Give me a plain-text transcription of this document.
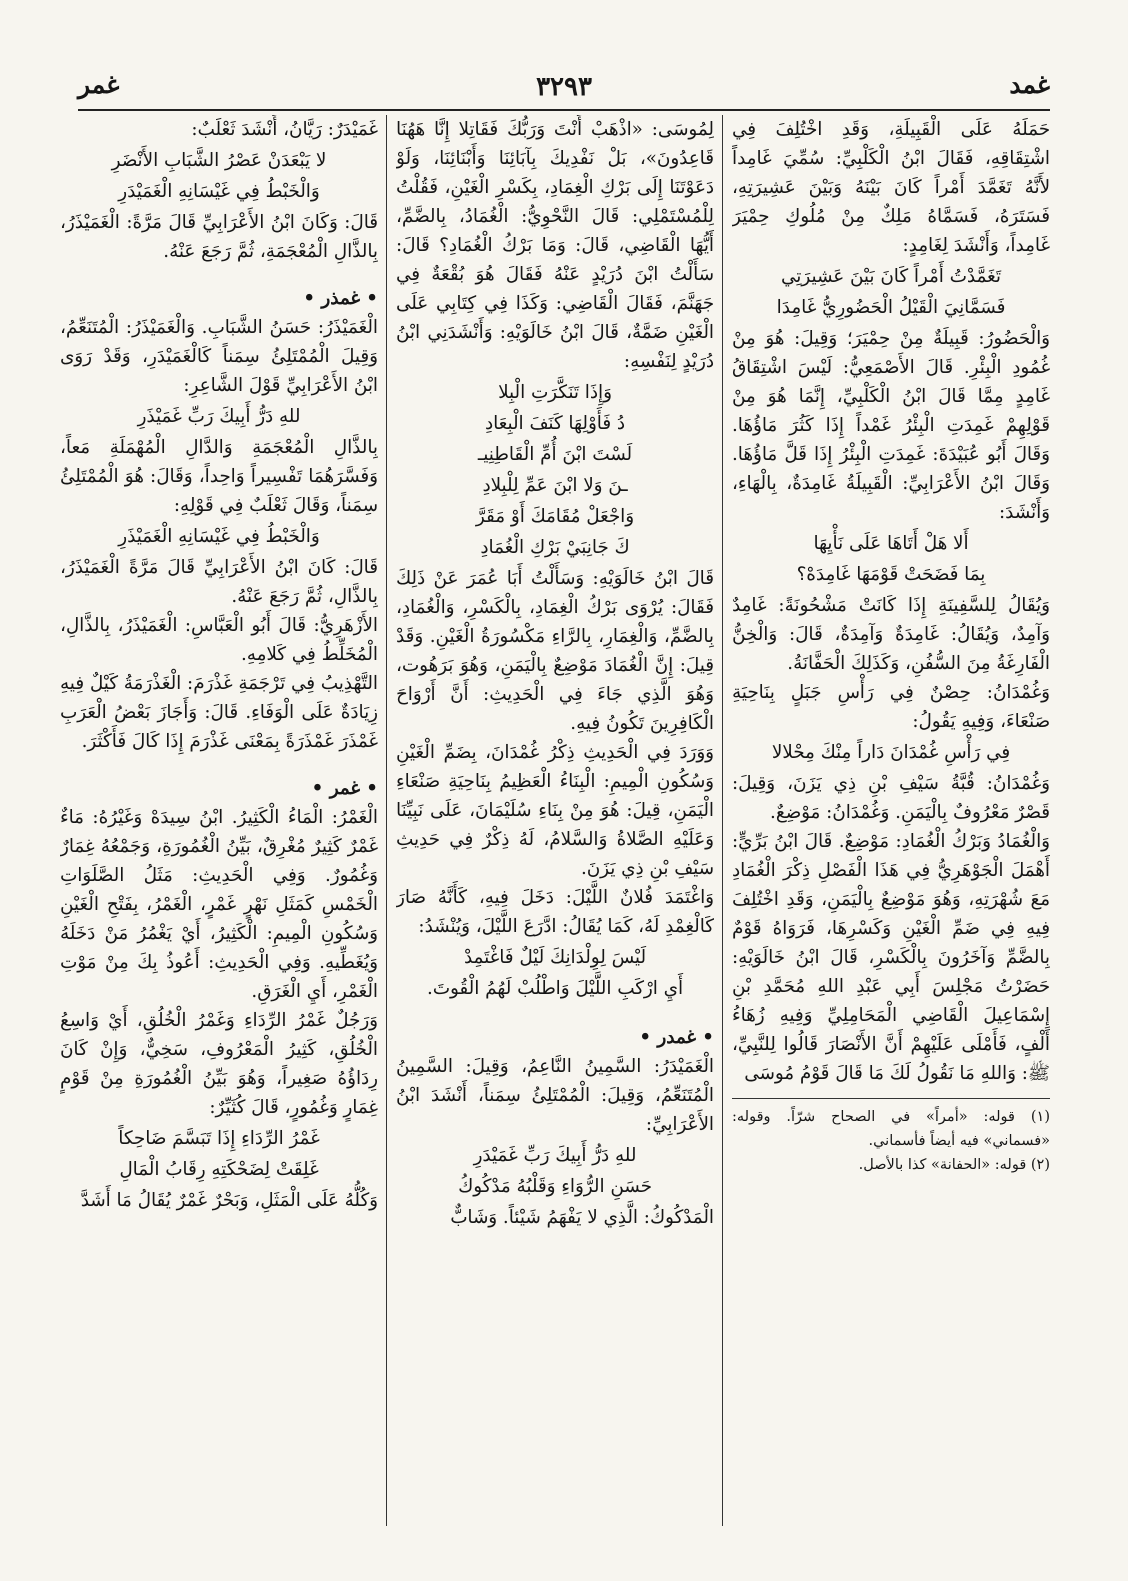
غمد
٣٢٩٣
غمر

حَمَلَهُ عَلَى الْقَبِيلَةِ، وَقَدِ اخْتُلِفَ فِي اشْتِقَاقِهِ، فَقَالَ ابْنُ الْكَلْبِيِّ: سُمِّيَ غَامِداً لأَنَّهُ تَغَمَّدَ أَمْراً كَانَ بَيْنَهُ وَبَيْنَ عَشِيرَتِهِ، فَسَتَرَهُ، فَسَمَّاهُ مَلِكٌ مِنْ مُلُوكِ حِمْيَرَ غَامِداً، وَأَنْشَدَ لِغَامِدٍ:

تَغَمَّدْتُ أَمْراً كَانَ بَيْنَ عَشِيرَتِي
فَسَمَّانِيَ الْقَيْلُ الْحَضُورِيُّ غَامِدَا

وَالْحَضُورُ: قَبِيلَةٌ مِنْ حِمْيَرَ؛ وَقِيلَ: هُوَ مِنْ غُمُودِ الْبِئْرِ. قَالَ الأَصْمَعِيُّ: لَيْسَ اشْتِقَاقُ غَامِدٍ مِمَّا قَالَ ابْنُ الْكَلْبِيِّ، إِنَّمَا هُوَ مِنْ قَوْلِهِمْ غَمِدَتِ الْبِئْرُ غَمْداً إِذَا كَثُرَ مَاؤُهَا. وَقَالَ أَبُو عُبَيْدَةَ: غَمِدَتِ الْبِئْرُ إِذَا قَلَّ مَاؤُهَا. وَقَالَ ابْنُ الأَعْرَابِيِّ: الْقَبِيلَةُ غَامِدَةٌ، بِالْهَاءِ، وَأَنْشَدَ:

أَلا هَلْ أَتَاهَا عَلَى نَأْيِهَا
بِمَا فَضَحَتْ قَوْمَهَا غَامِدَهْ؟

وَيُقَالُ لِلسَّفِينَةِ إِذَا كَانَتْ مَشْحُونَةً: غَامِدٌ وَآمِدٌ، وَيُقَالُ: غَامِدَةٌ وَآمِدَةٌ، قَالَ: وَالْخِنُّ الْفَارِغَةُ مِنَ السُّفُنِ، وَكَذَلِكَ الْحَفَّانَةُ.

وَغُمْدَانُ: حِصْنٌ فِي رَأْسِ جَبَلٍ بِنَاحِيَةِ صَنْعَاءَ، وَفِيهِ يَقُولُ:

فِي رَأْسِ غُمْدَانَ دَاراً مِنْكَ مِحْلالا

وَغُمْدَانُ: قُبَّةُ سَيْفِ بْنِ ذِي يَزَنَ، وَقِيلَ: قَصْرٌ مَعْرُوفٌ بِالْيَمَنِ. وَغُمْدَانُ: مَوْضِعٌ.

وَالْغُمَادُ وَبَرْكُ الْغُمَادِ: مَوْضِعٌ. قَالَ ابْنُ بَرِّيٍّ: أَهْمَلَ الْجَوْهَرِيُّ فِي هَذَا الْفَصْلِ ذِكْرَ الْغُمَادِ مَعَ شُهْرَتِهِ، وَهُوَ مَوْضِعٌ بِالْيَمَنِ، وَقَدِ اخْتُلِفَ فِيهِ فِي ضَمِّ الْغَيْنِ وَكَسْرِهَا، فَرَوَاهُ قَوْمٌ بِالضَّمِّ وَآخَرُونَ بِالْكَسْرِ، قَالَ ابْنُ خَالَوَيْهِ: حَضَرْتُ مَجْلِسَ أَبِي عَبْدِ اللهِ مُحَمَّدِ بْنِ إِسْمَاعِيلَ الْقَاضِي الْمَحَامِلِيِّ وَفِيهِ زُهَاءُ أَلْفٍ، فَأَمْلَى عَلَيْهِمْ أَنَّ الأَنْصَارَ قَالُوا لِلنَّبِيِّ، ﷺ: وَاللهِ مَا نَقُولُ لَكَ مَا قَالَ قَوْمُ مُوسَى

(١) قوله: «أمراً» في الصحاح شرّاً. وقوله: «فسماني» فيه أيضاً فأسماني.
(٢) قوله: «الحفانة» كذا بالأصل.

لِمُوسَى: «اذْهَبْ أَنْتَ وَرَبُّكَ فَقَاتِلا إِنَّا هَهُنَا قَاعِدُونَ»، بَلْ نَفْدِيكَ بِآبَائِنَا وَأَبْنَائِنَا، وَلَوْ دَعَوْتَنَا إِلَى بَرْكِ الْغِمَادِ، بِكَسْرِ الْغَيْنِ، فَقُلْتُ لِلْمُسْتَمْلِي: قَالَ النَّحْوِيُّ: الْغُمَادُ، بِالضَّمِّ، أَيُّهَا الْقَاضِي، قَالَ: وَمَا بَرْكُ الْغُمَادِ؟ قَالَ: سَأَلْتُ ابْنَ دُرَيْدٍ عَنْهُ فَقَالَ هُوَ بُقْعَةٌ فِي جَهَنَّمَ، فَقَالَ الْقَاضِي: وَكَذَا فِي كِتَابِي عَلَى الْغَيْنِ ضَمَّةٌ، قَالَ ابْنُ خَالَوَيْهِ: وَأَنْشَدَنِي ابْنُ دُرَيْدٍ لِنَفْسِهِ:

وَإِذَا تَنَكَّرَتِ الْبِلا
دُ فَأَوْلِهَا كَنَفَ الْبِعَادِ
لَسْتَ ابْنَ أُمِّ الْقَاطِنِيـ
ـنَ وَلا ابْنَ عَمِّ لِلْبِلادِ
وَاجْعَلْ مُقَامَكَ أَوْ مَقَرَّ
كَ جَانِبَيْ بَرْكِ الْغُمَادِ

قَالَ ابْنُ خَالَوَيْهِ: وَسَأَلْتُ أَبَا عُمَرَ عَنْ ذَلِكَ فَقَالَ: يُرْوَى بَرْكُ الْغِمَادِ، بِالْكَسْرِ، وَالْغُمَادِ، بِالضَّمِّ، وَالْغِمَارِ، بِالرَّاءِ مَكْسُورَةُ الْغَيْنِ. وَقَدْ قِيلَ: إِنَّ الْغُمَادَ مَوْضِعٌ بِالْيَمَنِ، وَهُوَ بَرَهُوت، وَهُوَ الَّذِي جَاءَ فِي الْحَدِيثِ: أَنَّ أَرْوَاحَ الْكَافِرِينَ تَكُونُ فِيهِ.

وَوَرَدَ فِي الْحَدِيثِ ذِكْرُ غُمْدَانَ، بِضَمِّ الْغَيْنِ وَسُكُونِ الْمِيمِ: الْبِنَاءُ الْعَظِيمُ بِنَاحِيَةِ صَنْعَاءِ الْيَمَنِ، قِيلَ: هُوَ مِنْ بِنَاءِ سُلَيْمَانَ، عَلَى نَبِيِّنَا وَعَلَيْهِ الصَّلاةُ وَالسَّلامُ، لَهُ ذِكْرٌ فِي حَدِيثِ سَيْفِ بْنِ ذِي يَزَنَ.

وَاغْتَمَدَ فُلانٌ اللَّيْلَ: دَخَلَ فِيهِ، كَأَنَّهُ صَارَ كَالْغِمْدِ لَهُ، كَمَا يُقَالُ: ادَّرَعَ اللَّيْلَ، وَيُنْشَدُ:

لَيْسَ لِوِلْدَانِكَ لَيْلٌ فَاغْتَمِدْ
أَيِ ارْكَبِ اللَّيْلَ وَاطْلُبْ لَهُمُ الْقُوتَ.
• غمدر •

الْغَمَيْدَرُ: السَّمِينُ النَّاعِمُ، وَقِيلَ: السَّمِينُ الْمُتَنَعِّمُ، وَقِيلَ: الْمُمْتَلِئُ سِمَناً، أَنْشَدَ ابْنُ الأَعْرَابِيِّ:

للهِ دَرُّ أَبِيكَ رَبِّ غَمَيْدَرِ
حَسَنِ الرُّوَاءِ وَقَلْبُهُ مَدْكُوكُ

الْمَدْكُوكُ: الَّذِي لا يَفْهَمُ شَيْئاً. وَشَابٌّ

غَمَيْدَرٌ: رَيَّانُ، أَنْشَدَ ثَعْلَبٌ:

لا يَبْعَدَنْ عَصْرُ الشَّبَابِ الأَنْضَرِ
وَالْخَبْطُ فِي غَيْسَانِهِ الْغَمَيْدَرِ

قَالَ: وَكَانَ ابْنُ الأَعْرَابِيِّ قَالَ مَرَّةً: الْغَمَيْذَرُ، بِالذَّالِ الْمُعْجَمَةِ، ثُمَّ رَجَعَ عَنْهُ.

• غمذر •

الْغَمَيْذَرُ: حَسَنُ الشَّبَابِ. وَالْغَمَيْذَرُ: الْمُتَنَعِّمُ، وَقِيلَ الْمُمْتَلِئُ سِمَناً كَالْغَمَيْدَرِ، وَقَدْ رَوَى ابْنُ الأَعْرَابِيِّ قَوْلَ الشَّاعِرِ:

للهِ دَرُّ أَبِيكَ رَبِّ غَمَيْذَرِ

بِالذَّالِ الْمُعْجَمَةِ وَالدَّالِ الْمُهْمَلَةِ مَعاً، وَفَسَّرَهُمَا تَفْسِيراً وَاحِداً، وَقَالَ: هُوَ الْمُمْتَلِئُ سِمَناً، وَقَالَ ثَعْلَبٌ فِي قَوْلِهِ:

وَالْخَبْطُ فِي غَيْسَانِهِ الْغَمَيْذَرِ

قَالَ: كَانَ ابْنُ الأَعْرَابِيِّ قَالَ مَرَّةً الْغَمَيْذَرُ، بِالذَّالِ، ثُمَّ رَجَعَ عَنْهُ.

الأَزْهَرِيُّ: قَالَ أَبُو الْعَبَّاسِ: الْغَمَيْذَرُ، بِالذَّالِ، الْمُخَلِّطُ فِي كَلامِهِ.

التَّهْذِيبُ فِي تَرْجَمَةِ غَذْرَمَ: الْغَذْرَمَةُ كَيْلٌ فِيهِ زِيَادَةٌ عَلَى الْوَفَاءِ. قَالَ: وَأَجَازَ بَعْضُ الْعَرَبِ غَمْذَرَ غَمْذَرَةً بِمَعْنَى غَذْرَمَ إِذَا كَالَ فَأَكْثَرَ.

• غمر •

الْغَمْرُ: الْمَاءُ الْكَثِيرُ. ابْنُ سِيدَهْ وَغَيْرُهُ: مَاءٌ غَمْرٌ كَثِيرٌ مُغْرِقٌ، بَيِّنُ الْغُمُورَةِ، وَجَمْعُهُ غِمَارٌ وَغُمُورٌ. وَفِي الْحَدِيثِ: مَثَلُ الصَّلَوَاتِ الْخَمْسِ كَمَثَلِ نَهْرٍ غَمْرٍ، الْغَمْرُ، بِفَتْحِ الْغَيْنِ وَسُكُونِ الْمِيمِ: الْكَثِيرُ، أَيْ يَغْمُرُ مَنْ دَخَلَهُ وَيُغَطِّيهِ. وَفِي الْحَدِيثِ: أَعُوذُ بِكَ مِنْ مَوْتِ الْغَمْرِ، أَيِ الْغَرَقِ.

وَرَجُلٌ غَمْرُ الرِّدَاءِ وَغَمْرُ الْخُلُقِ، أَيْ وَاسِعُ الْخُلُقِ، كَثِيرُ الْمَعْرُوفِ، سَخِيٌّ، وَإِنْ كَانَ رِدَاؤُهُ صَغِيراً، وَهُوَ بَيِّنُ الْغُمُورَةِ مِنْ قَوْمٍ غِمَارٍ وَغُمُورٍ، قَالَ كُثَيِّرٌ:

غَمْرُ الرِّدَاءِ إِذَا تَبَسَّمَ ضَاحِكاً
غَلِقَتْ لِضَحْكَتِهِ رِقَابُ الْمَالِ

وَكُلُّهُ عَلَى الْمَثَلِ، وَبَحْرٌ غَمْرٌ يُقَالُ مَا أَشَدَّ
